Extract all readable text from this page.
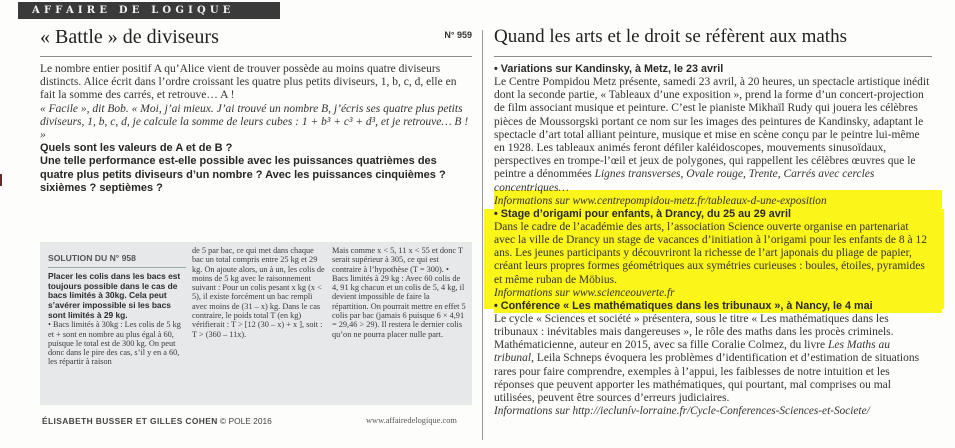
AFFAIRE DE LOGIQUE
« Battle » de diviseurs	N° 959

Le nombre entier positif A qu’Alice vient de trouver possède au moins quatre diviseurs distincts. Alice écrit dans l’ordre croissant les quatre plus petits diviseurs, 1, b, c, d, elle en fait la somme des carrés, et retrouve… A !

« Facile », dit Bob. « Moi, j’ai mieux. J’ai trouvé un nombre B, j’écris ses quatre plus petits diviseurs, 1, b, c, d, je calcule la somme de leurs cubes : 1 + b³ + c³ + d³, et je retrouve… B ! »

Quels sont les valeurs de A et de B ?

Une telle performance est-elle possible avec les puissances quatrièmes des quatre plus petits diviseurs d’un nombre ? Avec les puissances cinquièmes ? sixièmes ? septièmes ?

SOLUTION DU N° 958
Placer les colis dans les bacs est toujours possible dans le cas de bacs limités à 30kg. Cela peut s’avérer impossible si les bacs sont limités à 29 kg.
• Bacs limités à 30kg : Les colis de 5 kg et + sont en nombre au plus égal à 60, puisque le total est de 300 kg. On peut donc dans le pire des cas, s’il y en a 60, les répartir à raison
de 5 par bac, ce qui met dans chaque bac un total compris entre 25 kg et 29 kg. On ajoute alors, un à un, les colis de moins de 5 kg avec le raisonnement suivant : Pour un colis pesant x kg (x < 5), il existe forcément un bac rempli avec moins de (31 – x) kg. Dans le cas contraire, le poids total T (en kg) vérifierait : T > [12 (30 – x) + x ], soit : T > (360 – 11x).
Mais comme x < 5, 11 x < 55 et donc T serait supérieur à 305, ce qui est contraire à l’hypothèse (T = 300). • Bacs limités à 29 kg : Avec 60 colis de 4, 91 kg chacun et un colis de 5, 4 kg, il devient impossible de faire la répartition. On pourrait mettre en effet 5 colis par bac (jamais 6 puisque 6 × 4,91 = 29,46 > 29). Il restera le dernier colis qu’on ne pourra placer nulle part.
ÉLISABETH BUSSER ET GILLES COHEN © POLE 2016	www.affairedelogique.com
Quand les arts et le droit se réfèrent aux maths
• Variations sur Kandinsky, à Metz, le 23 avril
Le Centre Pompidou Metz présente, samedi 23 avril, à 20 heures, un spectacle artistique inédit dont la seconde partie, « Tableaux d’une exposition », prend la forme d’un concert-projection de film associant musique et peinture. C’est le pianiste Mikhaïl Rudy qui jouera les célèbres pièces de Moussorgski portant ce nom sur les images des peintures de Kandinsky, adaptant le spectacle d’art total alliant peinture, musique et mise en scène conçu par le peintre lui-même en 1928. Les tableaux animés feront défiler kaléidoscopes, mouvements sinusoïdaux, perspectives en trompe-l’œil et jeux de polygones, qui rappellent les célèbres œuvres que le peintre a dénommées Lignes transverses, Ovale rouge, Trente, Carrés avec cercles concentriques…
Informations sur www.centrepompidou-metz.fr/tableaux-d-une-exposition
• Stage d’origami pour enfants, à Drancy, du 25 au 29 avril
Dans le cadre de l’académie des arts, l’association Science ouverte organise en partenariat avec la ville de Drancy un stage de vacances d’initiation à l’origami pour les enfants de 8 à 12 ans. Les jeunes participants y découvriront la richesse de l’art japonais du pliage de papier, créant leurs propres formes géométriques aux symétries curieuses : boules, étoiles, pyramides et même ruban de Möbius.
Informations sur www.scienceouverte.fr
• Conférence « Les mathématiques dans les tribunaux », à Nancy, le 4 mai
Le cycle « Sciences et société » présentera, sous le titre « Les mathématiques dans les tribunaux : inévitables mais dangereuses », le rôle des maths dans les procès criminels. Mathématicienne, auteur en 2015, avec sa fille Coralie Colmez, du livre Les Maths au tribunal, Leila Schneps évoquera les problèmes d’identification et d’estimation de situations rares pour faire comprendre, exemples à l’appui, les faiblesses de notre intuition et les réponses que peuvent apporter les mathématiques, qui pourtant, mal comprises ou mal utilisées, peuvent être sources d’erreurs judiciaires.
Informations sur http://ieclunív-lorraine.fr/Cycle-Conferences-Sciences-et-Societe/
